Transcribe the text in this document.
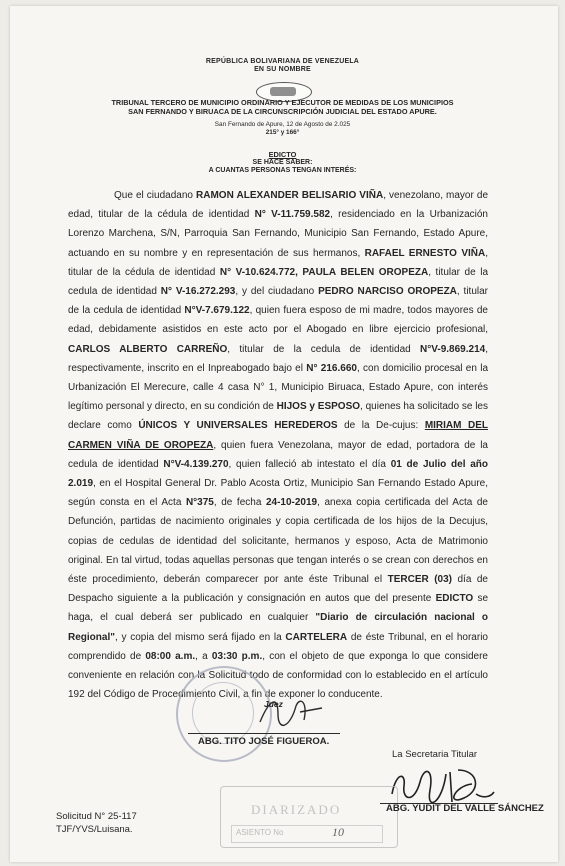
REPÚBLICA BOLIVARIANA DE VENEZUELA
EN SU NOMBRE
TRIBUNAL TERCERO DE MUNICIPIO ORDINARIO Y EJECUTOR DE MEDIDAS DE LOS MUNICIPIOS
SAN FERNANDO Y BIRUACA DE LA CIRCUNSCRIPCIÓN JUDICIAL DEL ESTADO APURE.
San Fernando de Apure, 12 de Agosto de 2.025
215° y 166°
EDICTO
SE HACE SABER:
A CUANTAS PERSONAS TENGAN INTERÉS:

Que el ciudadano RAMON ALEXANDER BELISARIO VIÑA, venezolano, mayor de edad, titular de la cédula de identidad N° V-11.759.582, residenciado en la Urbanización Lorenzo Marchena, S/N, Parroquia San Fernando, Municipio San Fernando, Estado Apure, actuando en su nombre y en representación de sus hermanos, RAFAEL ERNESTO VIÑA, titular de la cédula de identidad N° V-10.624.772, PAULA BELEN OROPEZA, titular de la cedula de identidad N° V-16.272.293, y del ciudadano PEDRO NARCISO OROPEZA, titular de la cedula de identidad N°V-7.679.122, quien fuera esposo de mi madre, todos mayores de edad, debidamente asistidos en este acto por el Abogado en libre ejercicio profesional, CARLOS ALBERTO CARREÑO, titular de la cedula de identidad N°V-9.869.214, respectivamente, inscrito en el Inpreabogado bajo el N° 216.660, con domicilio procesal en la Urbanización El Merecure, calle 4 casa N° 1, Municipio Biruaca, Estado Apure, con interés legítimo personal y directo, en su condición de HIJOS y ESPOSO, quienes ha solicitado se les declare como ÚNICOS Y UNIVERSALES HEREDEROS de la De-cujus: MIRIAM DEL CARMEN VIÑA DE OROPEZA, quien fuera Venezolana, mayor de edad, portadora de la cedula de identidad N°V-4.139.270, quien falleció ab intestato el día 01 de Julio del año 2.019, en el Hospital General Dr. Pablo Acosta Ortiz, Municipio San Fernando Estado Apure, según consta en el Acta N°375, de fecha 24-10-2019, anexa copia certificada del Acta de Defunción, partidas de nacimiento originales y copia certificada de los hijos de la Decujus, copias de cedulas de identidad del solicitante, hermanos y esposo, Acta de Matrimonio original. En tal virtud, todas aquellas personas que tengan interés o se crean con derechos en éste procedimiento, deberán comparecer por ante éste Tribunal el TERCER (03) día de Despacho siguiente a la publicación y consignación en autos que del presente EDICTO se haga, el cual deberá ser publicado en cualquier "Diario de circulación nacional o Regional", y copia del mismo será fijado en la CARTELERA de éste Tribunal, en el horario comprendido de 08:00 a.m., a 03:30 p.m., con el objeto de que exponga lo que considere conveniente en relación con la Solicitud todo de conformidad con lo establecido en el artículo 192 del Código de Procedimiento Civil, a fin de exponer lo conducente.

Juez
ABG. TITO JOSÉ FIGUEROA.
La Secretaria Titular
DIARIZADO
ASIENTO No	10
ABG. YUDIT DEL VALLE SÁNCHEZ
Solicitud N° 25-117
TJF/YVS/Luisana.
